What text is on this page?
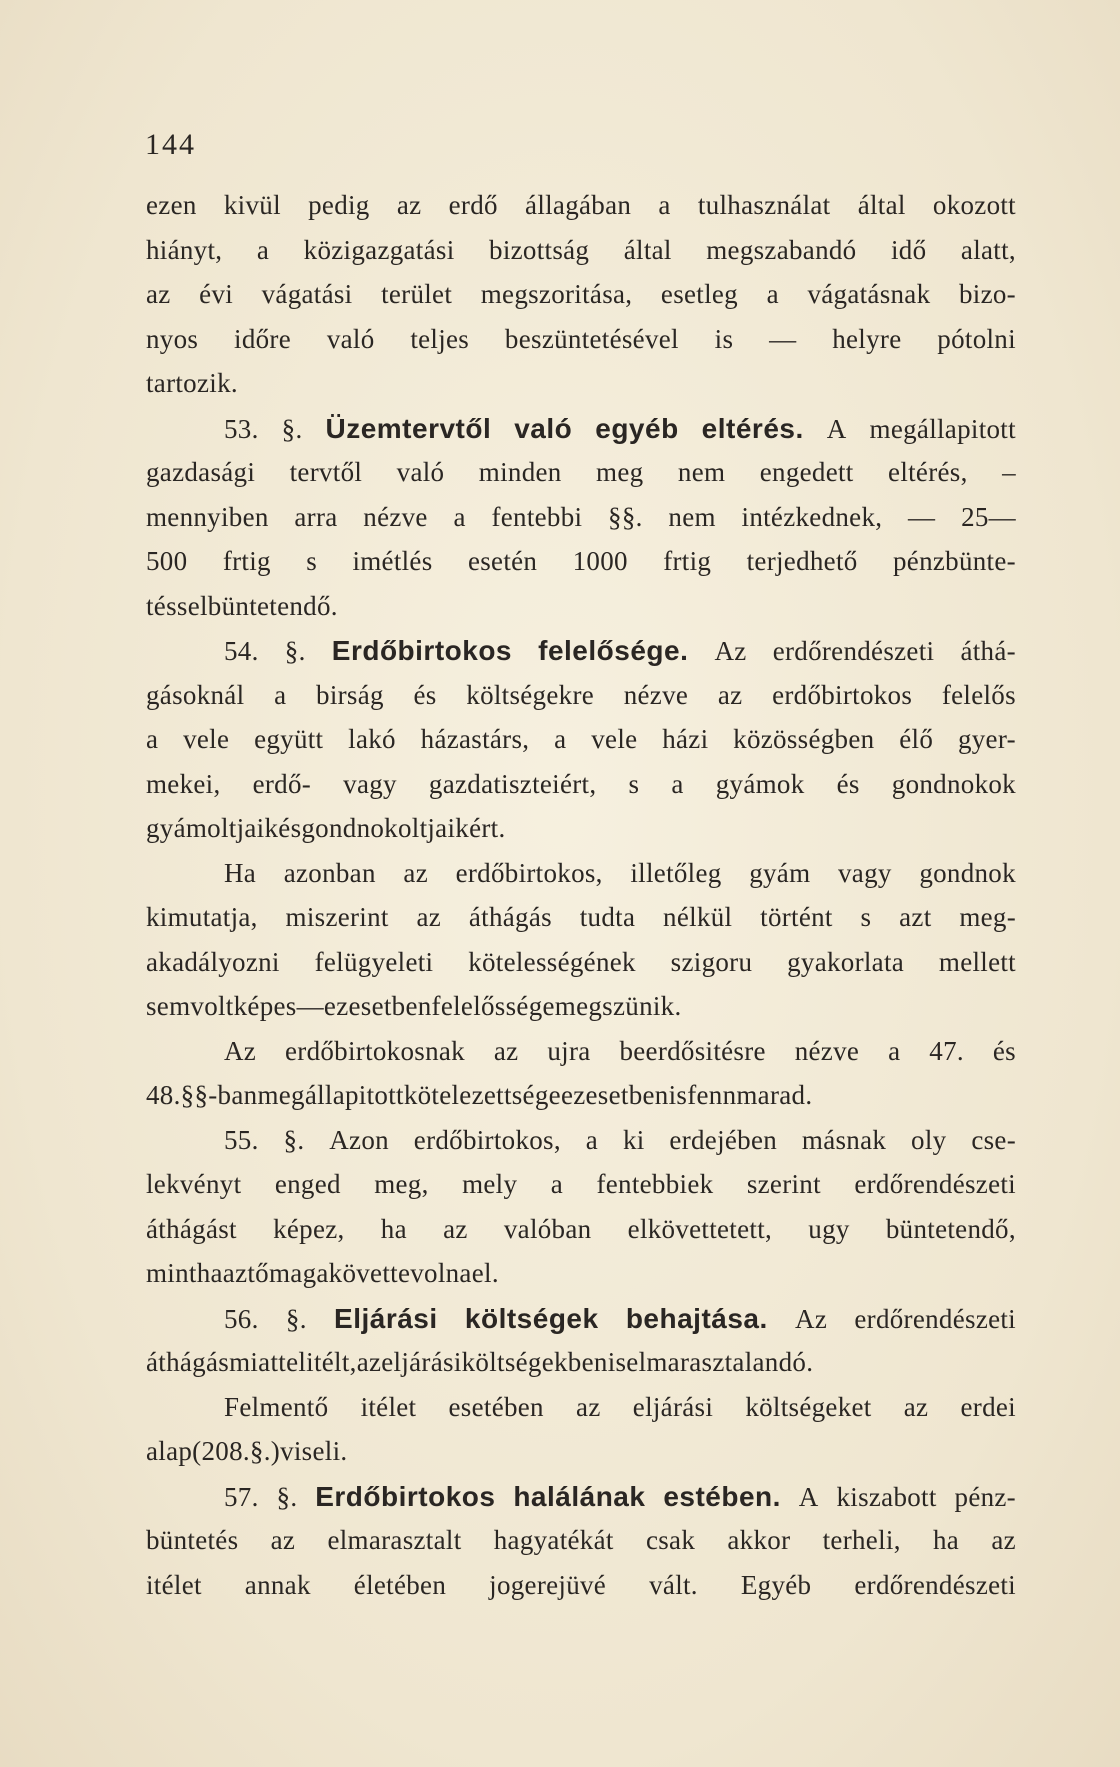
144
ezen kivül pedig az erdő állagában a tulhasználat által okozott
hiányt, a közigazgatási bizottság által megszabandó idő alatt,
az évi vágatási terület megszoritása, esetleg a vágatásnak bizo-
nyos időre való teljes beszüntetésével is — helyre pótolni
tartozik.
53. §. Üzemtervtől való egyéb eltérés. A megállapitott
gazdasági tervtől való minden meg nem engedett eltérés, –
mennyiben arra nézve a fentebbi §§. nem intézkednek, — 25—
500 frtig s imétlés esetén 1000 frtig terjedhető pénzbünte-
téssel büntetendő.
54. §. Erdőbirtokos felelősége. Az erdőrendészeti áthá-
gásoknál a birság és költségekre nézve az erdőbirtokos felelős
a vele együtt lakó házastárs, a vele házi közösségben élő gyer-
mekei, erdő- vagy gazdatiszteiért, s a gyámok és gondnokok
gyámoltjaik és gondnokoltjaikért.
Ha azonban az erdőbirtokos, illetőleg gyám vagy gondnok
kimutatja, miszerint az áthágás tudta nélkül történt s azt meg-
akadályozni felügyeleti kötelességének szigoru gyakorlata mellett
sem volt képes — ez esetben felelőssége megszünik.
Az erdőbirtokosnak az ujra beerdősitésre nézve a 47. és
48. §§-ban megállapitott kötelezettsége ez esetben is fennmarad.
55. §. Azon erdőbirtokos, a ki erdejében másnak oly cse-
lekvényt enged meg, mely a fentebbiek szerint erdőrendészeti
áthágást képez, ha az valóban elkövettetett, ugy büntetendő,
mintha azt ő maga követte volna el.
56. §. Eljárási költségek behajtása. Az erdőrendészeti
áthágás miatt elitélt, az eljárási költségekben is elmarasztalandó.
Felmentő itélet esetében az eljárási költségeket az erdei
alap (208. §.) viseli.
57. §. Erdőbirtokos halálának estében. A kiszabott pénz-
büntetés az elmarasztalt hagyatékát csak akkor terheli, ha az
itélet annak életében jogerejüvé vált. Egyéb erdőrendészeti
